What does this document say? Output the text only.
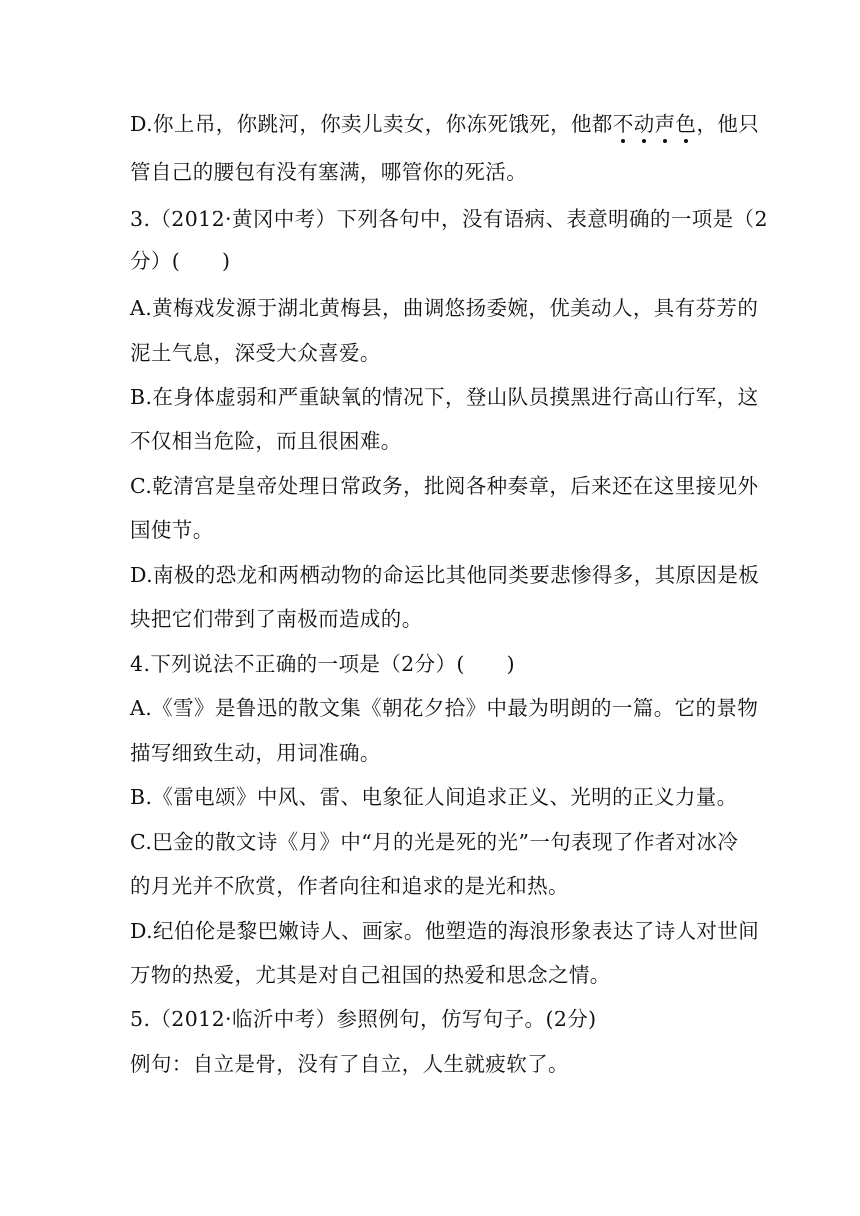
D.你上吊，你跳河，你卖儿卖女，你冻死饿死，他都不
动
声
色
，他只
管自己的腰包有没有塞满，哪管你的死活。
3.（2012·黄冈中考）下列各句中，没有语病、表意明确的一项是（2
分）(　　)
A.黄梅戏发源于湖北黄梅县，曲调悠扬委婉，优美动人，具有芬芳的
泥土气息，深受大众喜爱。
B.在身体虚弱和严重缺氧的情况下，登山队员摸黑进行高山行军，这
不仅相当危险，而且很困难。
C.乾清宫是皇帝处理日常政务，批阅各种奏章，后来还在这里接见外
国使节。
D.南极的恐龙和两栖动物的命运比其他同类要悲惨得多，其原因是板
块把它们带到了南极而造成的。
4.下列说法不正确的一项是（2分）(　　)
A.《雪》是鲁迅的散文集《朝花夕拾》中最为明朗的一篇。它的景物
描写细致生动，用词准确。
B.《雷电颂》中风、雷、电象征人间追求正义、光明的正义力量。
C.巴金的散文诗《月》中“月的光是死的光”一句表现了作者对冰冷
的月光并不欣赏，作者向往和追求的是光和热。
D.纪伯伦是黎巴嫩诗人、画家。他塑造的海浪形象表达了诗人对世间
万物的热爱，尤其是对自己祖国的热爱和思念之情。
5.（2012·临沂中考）参照例句，仿写句子。(2分)
例句：自立是骨，没有了自立，人生就疲软了。
